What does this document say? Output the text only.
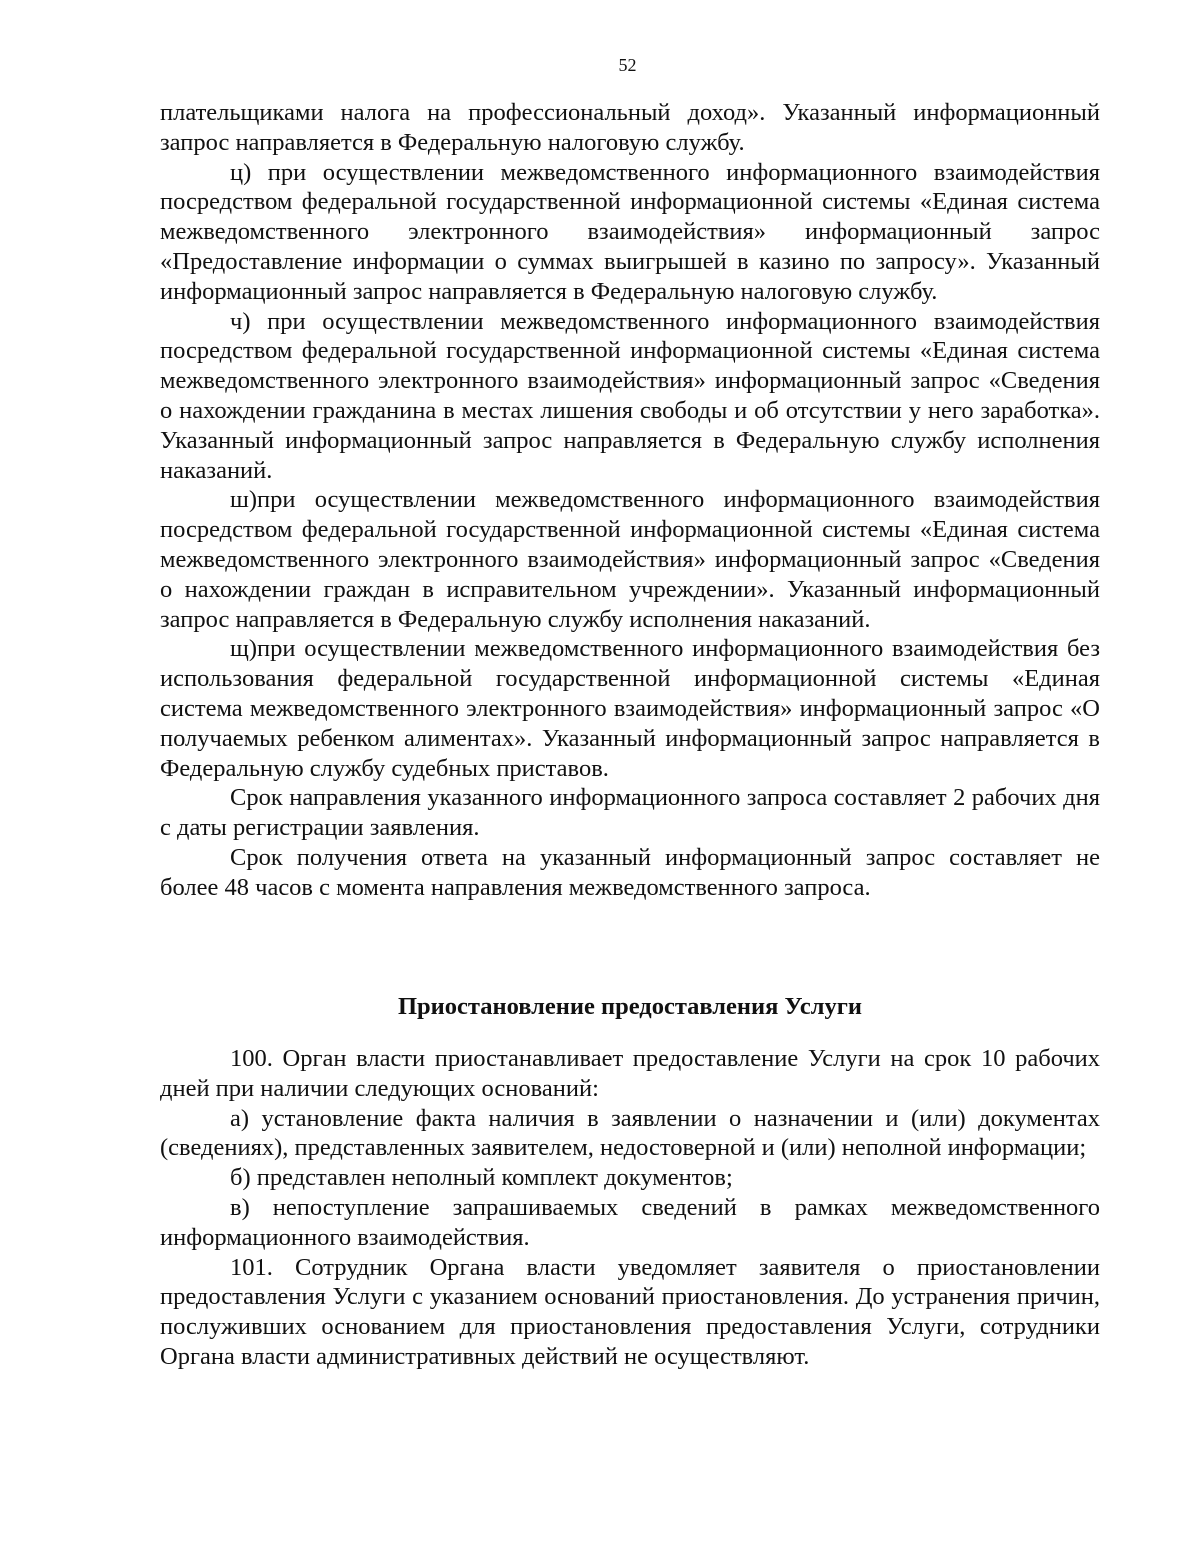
52

плательщиками налога на профессиональный доход». Указанный информационный запрос направляется в Федеральную налоговую службу.

ц) при осуществлении межведомственного информационного взаимодействия посредством федеральной государственной информационной системы «Единая система межведомственного электронного взаимодействия» информационный запрос «Предоставление информации о суммах выигрышей в казино по запросу». Указанный информационный запрос направляется в Федеральную налоговую службу.

ч) при осуществлении межведомственного информационного взаимодействия посредством федеральной государственной информационной системы «Единая система межведомственного электронного взаимодействия» информационный запрос «Сведения о нахождении гражданина в местах лишения свободы и об отсутствии у него заработка». Указанный информационный запрос направляется в Федеральную службу исполнения наказаний.

ш)при осуществлении межведомственного информационного взаимодействия посредством федеральной государственной информационной системы «Единая система межведомственного электронного взаимодействия» информационный запрос «Сведения о нахождении граждан в исправительном учреждении». Указанный информационный запрос направляется в Федеральную службу исполнения наказаний.

щ)при осуществлении межведомственного информационного взаимодействия без использования федеральной государственной информационной системы «Единая система межведомственного электронного взаимодействия» информационный запрос «О получаемых ребенком алиментах». Указанный информационный запрос направляется в Федеральную службу судебных приставов.

Срок направления указанного информационного запроса составляет 2 рабочих дня с даты регистрации заявления.

Срок получения ответа на указанный информационный запрос составляет не более 48 часов с момента направления межведомственного запроса.

Приостановление предоставления Услуги

100. Орган власти приостанавливает предоставление Услуги на срок 10 рабочих дней при наличии следующих оснований:

а) установление факта наличия в заявлении о назначении и (или) документах (сведениях), представленных заявителем, недостоверной и (или) неполной информации;

б) представлен неполный комплект документов;

в) непоступление запрашиваемых сведений в рамках межведомственного информационного взаимодействия.

101. Сотрудник Органа власти уведомляет заявителя о приостановлении предоставления Услуги с указанием оснований приостановления. До устранения причин, послуживших основанием для приостановления предоставления Услуги, сотрудники Органа власти административных действий не осуществляют.
